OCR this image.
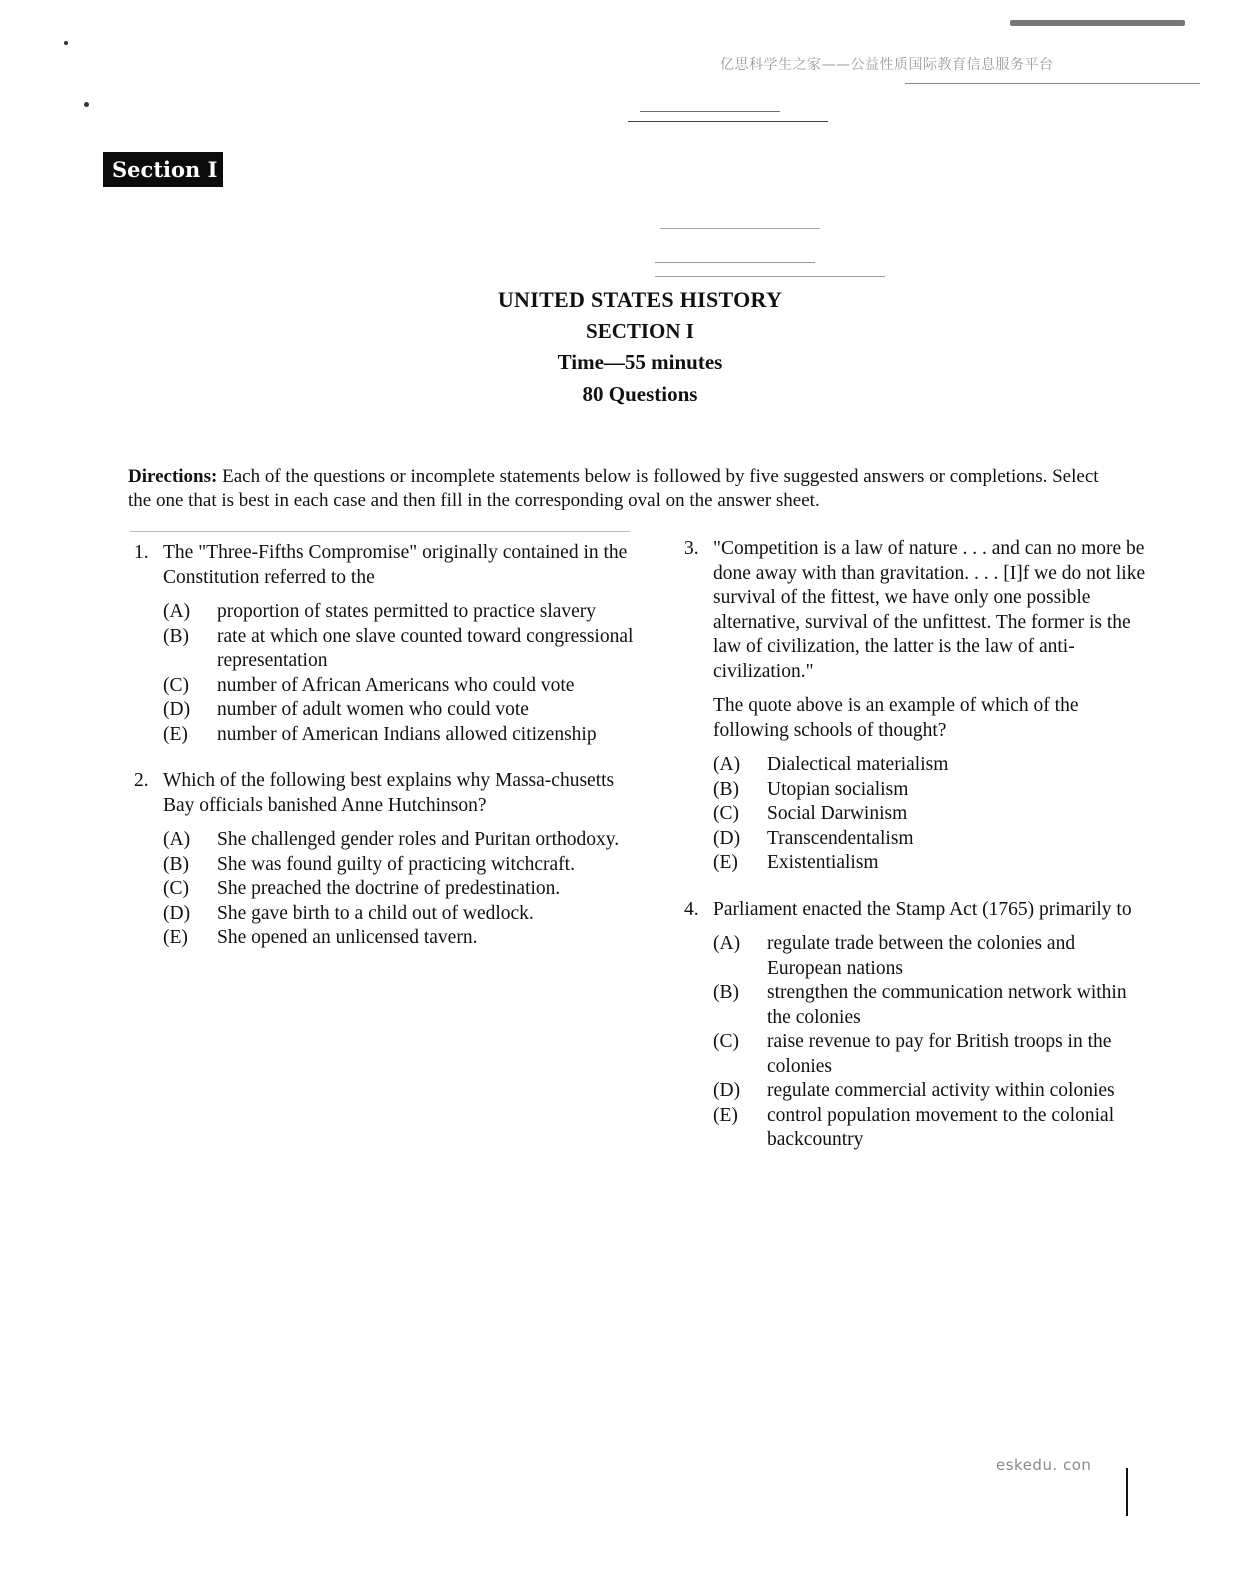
亿思科学生之家——公益性质国际教育信息服务平台
Section I
UNITED STATES HISTORY
SECTION I
Time—55 minutes
80 Questions
Directions: Each of the questions or incomplete statements below is followed by five suggested answers or completions. Select the one that is best in each case and then fill in the corresponding oval on the answer sheet.
1. The "Three-Fifths Compromise" originally contained in the Constitution referred to the
(A)	proportion of states permitted to practice slavery
(B)	rate at which one slave counted toward congressional representation
(C)	number of African Americans who could vote
(D)	number of adult women who could vote
(E)	number of American Indians allowed citizenship
2. Which of the following best explains why Massa-chusetts Bay officials banished Anne Hutchinson?
(A)	She challenged gender roles and Puritan orthodoxy.
(B)	She was found guilty of practicing witchcraft.
(C)	She preached the doctrine of predestination.
(D)	She gave birth to a child out of wedlock.
(E)	She opened an unlicensed tavern.
3. "Competition is a law of nature . . . and can no more be done away with than gravitation. . . . [I]f we do not like survival of the fittest, we have only one possible alternative, survival of the unfittest. The former is the law of civilization, the latter is the law of anti-civilization."
The quote above is an example of which of the following schools of thought?
(A)	Dialectical materialism
(B)	Utopian socialism
(C)	Social Darwinism
(D)	Transcendentalism
(E)	Existentialism
4. Parliament enacted the Stamp Act (1765) primarily to
(A)	regulate trade between the colonies and European nations
(B)	strengthen the communication network within the colonies
(C)	raise revenue to pay for British troops in the colonies
(D)	regulate commercial activity within colonies
(E)	control population movement to the colonial backcountry
eskedu. con
